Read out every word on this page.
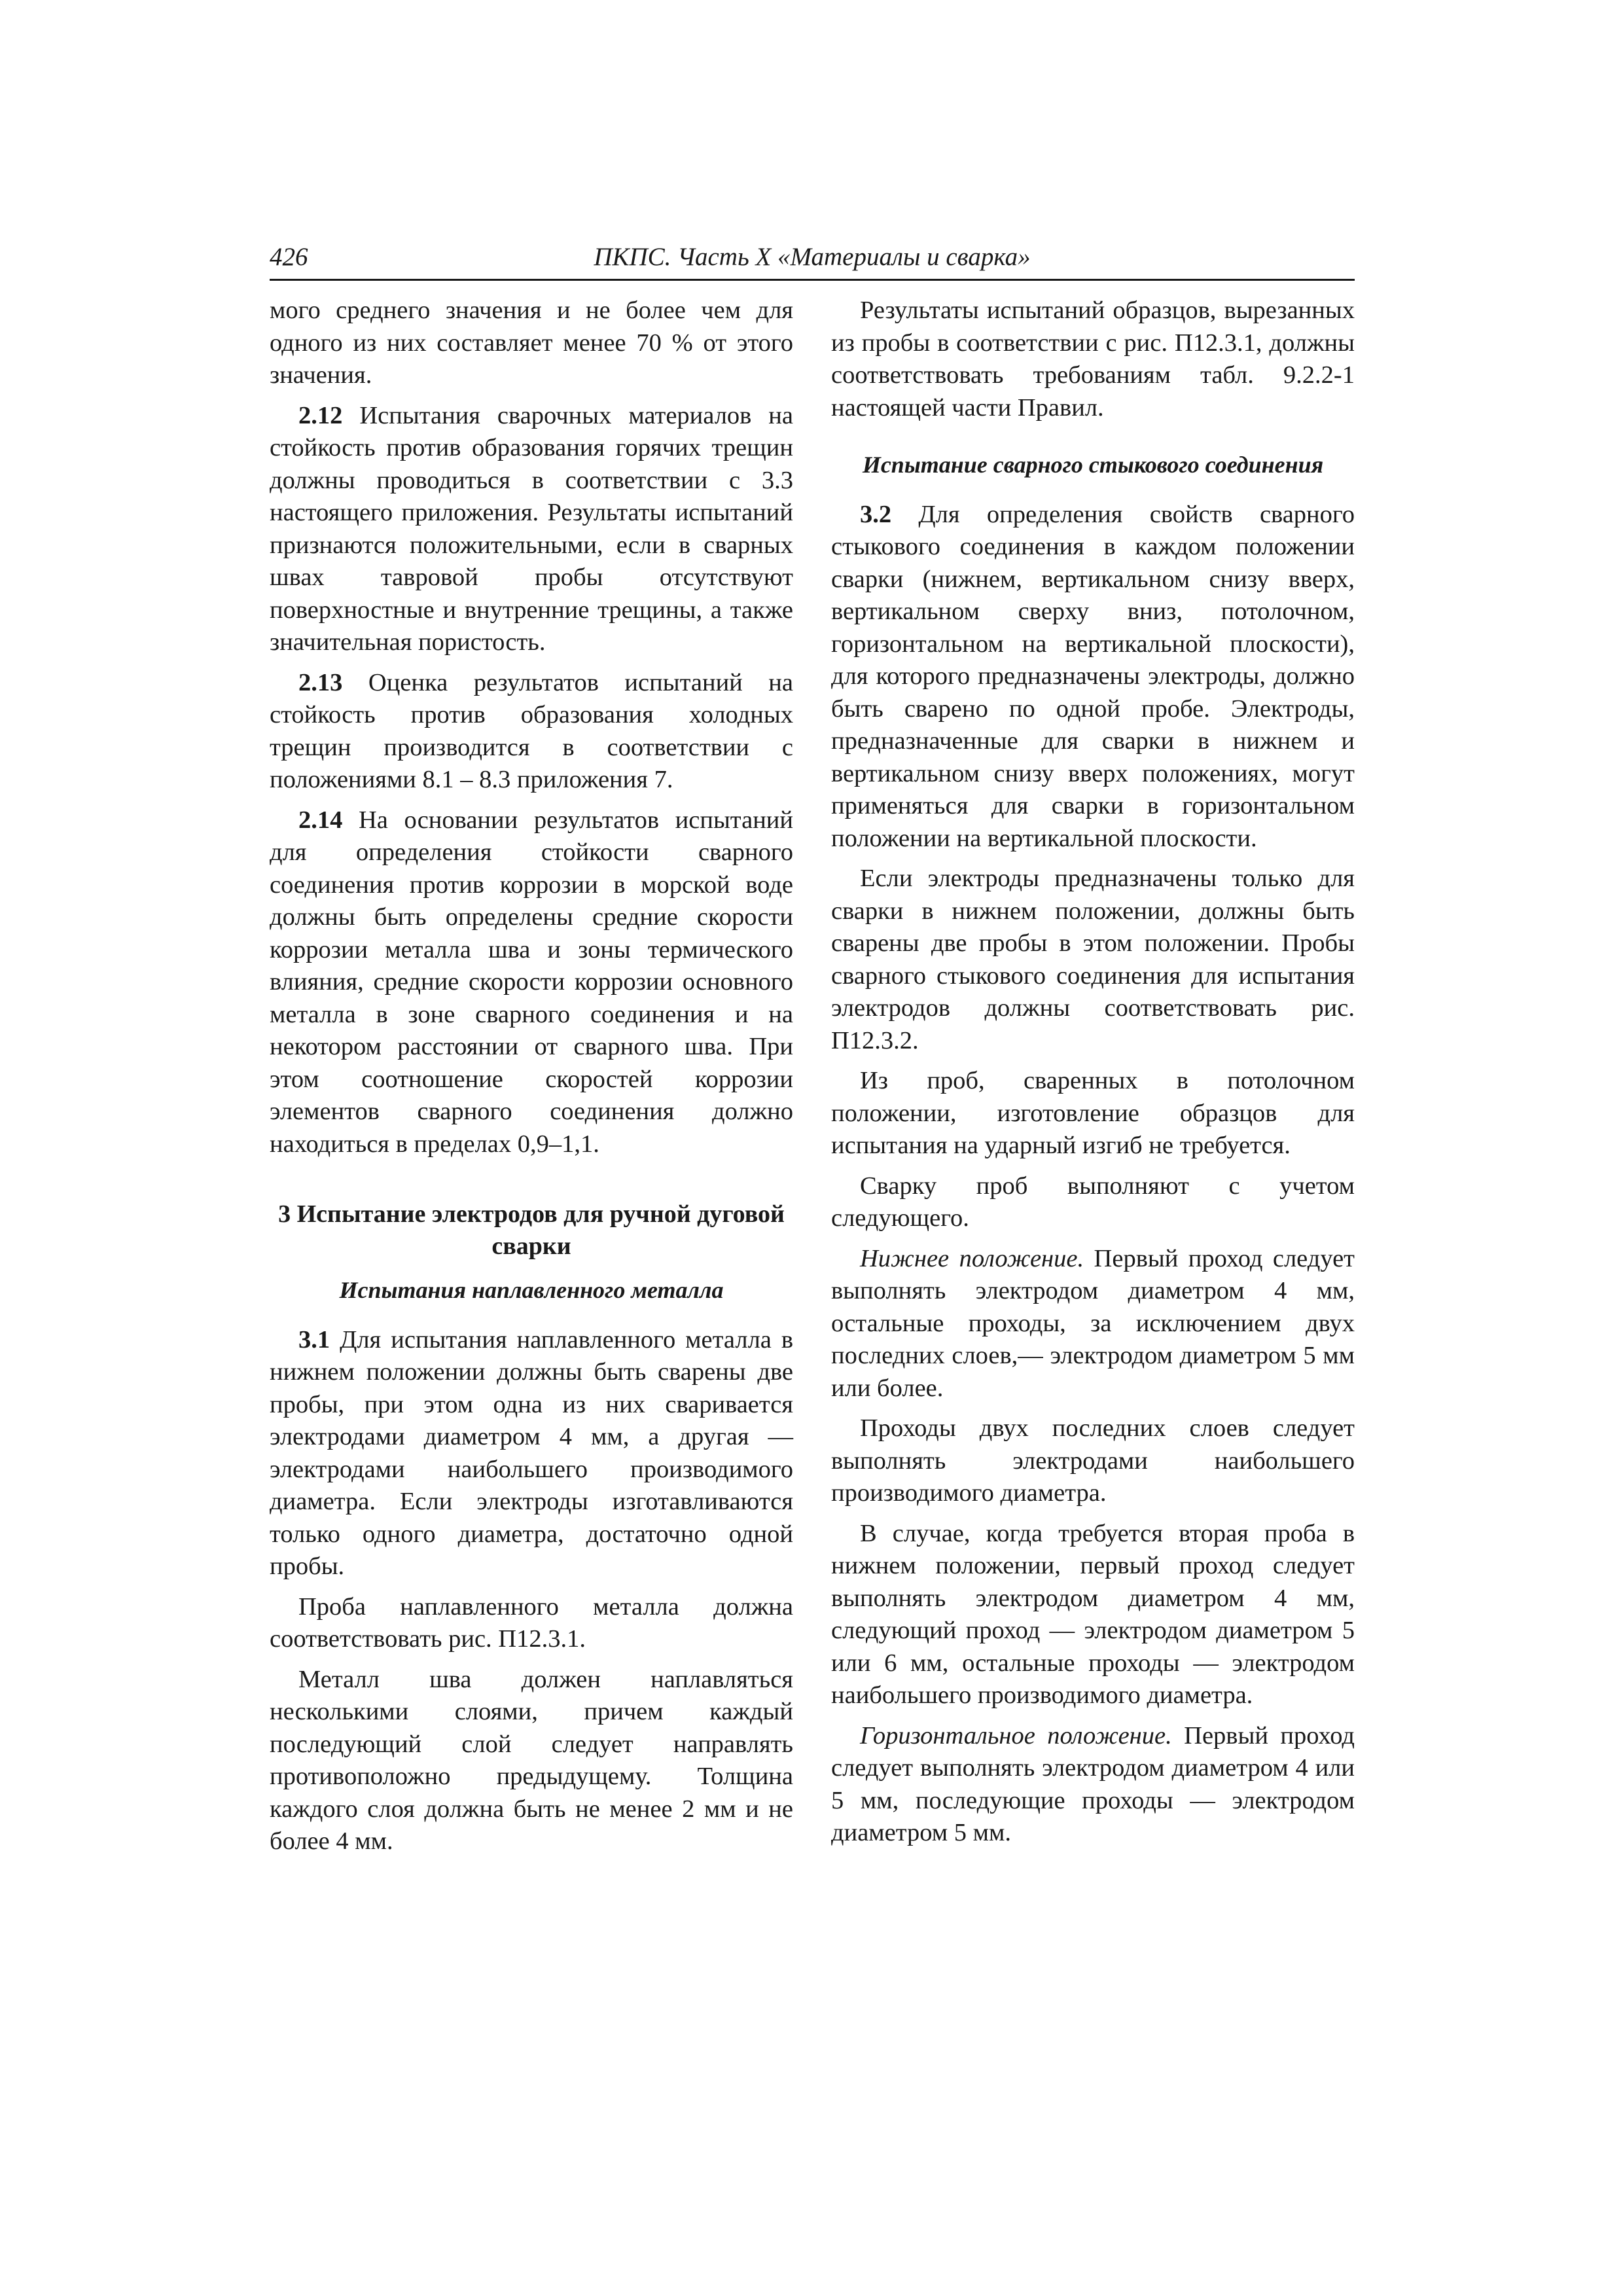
426	ПКПС. Часть X «Материалы и сварка»

мого среднего значения и не более чем для одного из них составляет менее 70 % от этого значения.

2.12 Испытания сварочных материалов на стойкость против образования горячих трещин должны проводиться в соответствии с 3.3 настоящего приложения. Результаты испытаний признаются положительными, если в сварных швах тавровой пробы отсутствуют поверхностные и внутренние трещины, а также значительная пористость.

2.13 Оценка результатов испытаний на стойкость против образования холодных трещин производится в соответствии с положениями 8.1 – 8.3 приложения 7.

2.14 На основании результатов испытаний для определения стойкости сварного соединения против коррозии в морской воде должны быть определены средние скорости коррозии металла шва и зоны термического влияния, средние скорости коррозии основного металла в зоне сварного соединения и на некотором расстоянии от сварного шва. При этом соотношение скоростей коррозии элементов сварного соединения должно находиться в пределах 0,9–1,1.

3 Испытание электродов для ручной дуговой сварки
Испытания наплавленного металла

3.1 Для испытания наплавленного металла в нижнем положении должны быть сварены две пробы, при этом одна из них сваривается электродами диаметром 4 мм, а другая — электродами наибольшего производимого диаметра. Если электроды изготавливаются только одного диаметра, достаточно одной пробы.

Проба наплавленного металла должна соответствовать рис. П12.3.1.

Металл шва должен наплавляться несколькими слоями, причем каждый последующий слой следует направлять противоположно предыдущему. Толщина каждого слоя должна быть не менее 2 мм и не более 4 мм.

Результаты испытаний образцов, вырезанных из пробы в соответствии с рис. П12.3.1, должны соответствовать требованиям табл. 9.2.2-1 настоящей части Правил.

Испытание сварного стыкового соединения

3.2 Для определения свойств сварного стыкового соединения в каждом положении сварки (нижнем, вертикальном снизу вверх, вертикальном сверху вниз, потолочном, горизонтальном на вертикальной плоскости), для которого предназначены электроды, должно быть сварено по одной пробе. Электроды, предназначенные для сварки в нижнем и вертикальном снизу вверх положениях, могут применяться для сварки в горизонтальном положении на вертикальной плоскости.

Если электроды предназначены только для сварки в нижнем положении, должны быть сварены две пробы в этом положении. Пробы сварного стыкового соединения для испытания электродов должны соответствовать рис. П12.3.2.

Из проб, сваренных в потолочном положении, изготовление образцов для испытания на ударный изгиб не требуется.

Сварку проб выполняют с учетом следующего.

Нижнее положение. Первый проход следует выполнять электродом диаметром 4 мм, остальные проходы, за исключением двух последних слоев,— электродом диаметром 5 мм или более.

Проходы двух последних слоев следует выполнять электродами наибольшего производимого диаметра.

В случае, когда требуется вторая проба в нижнем положении, первый проход следует выполнять электродом диаметром 4 мм, следующий проход — электродом диаметром 5 или 6 мм, остальные проходы — электродом наибольшего производимого диаметра.

Горизонтальное положение. Первый проход следует выполнять электродом диаметром 4 или 5 мм, последующие проходы — электродом диаметром 5 мм.
